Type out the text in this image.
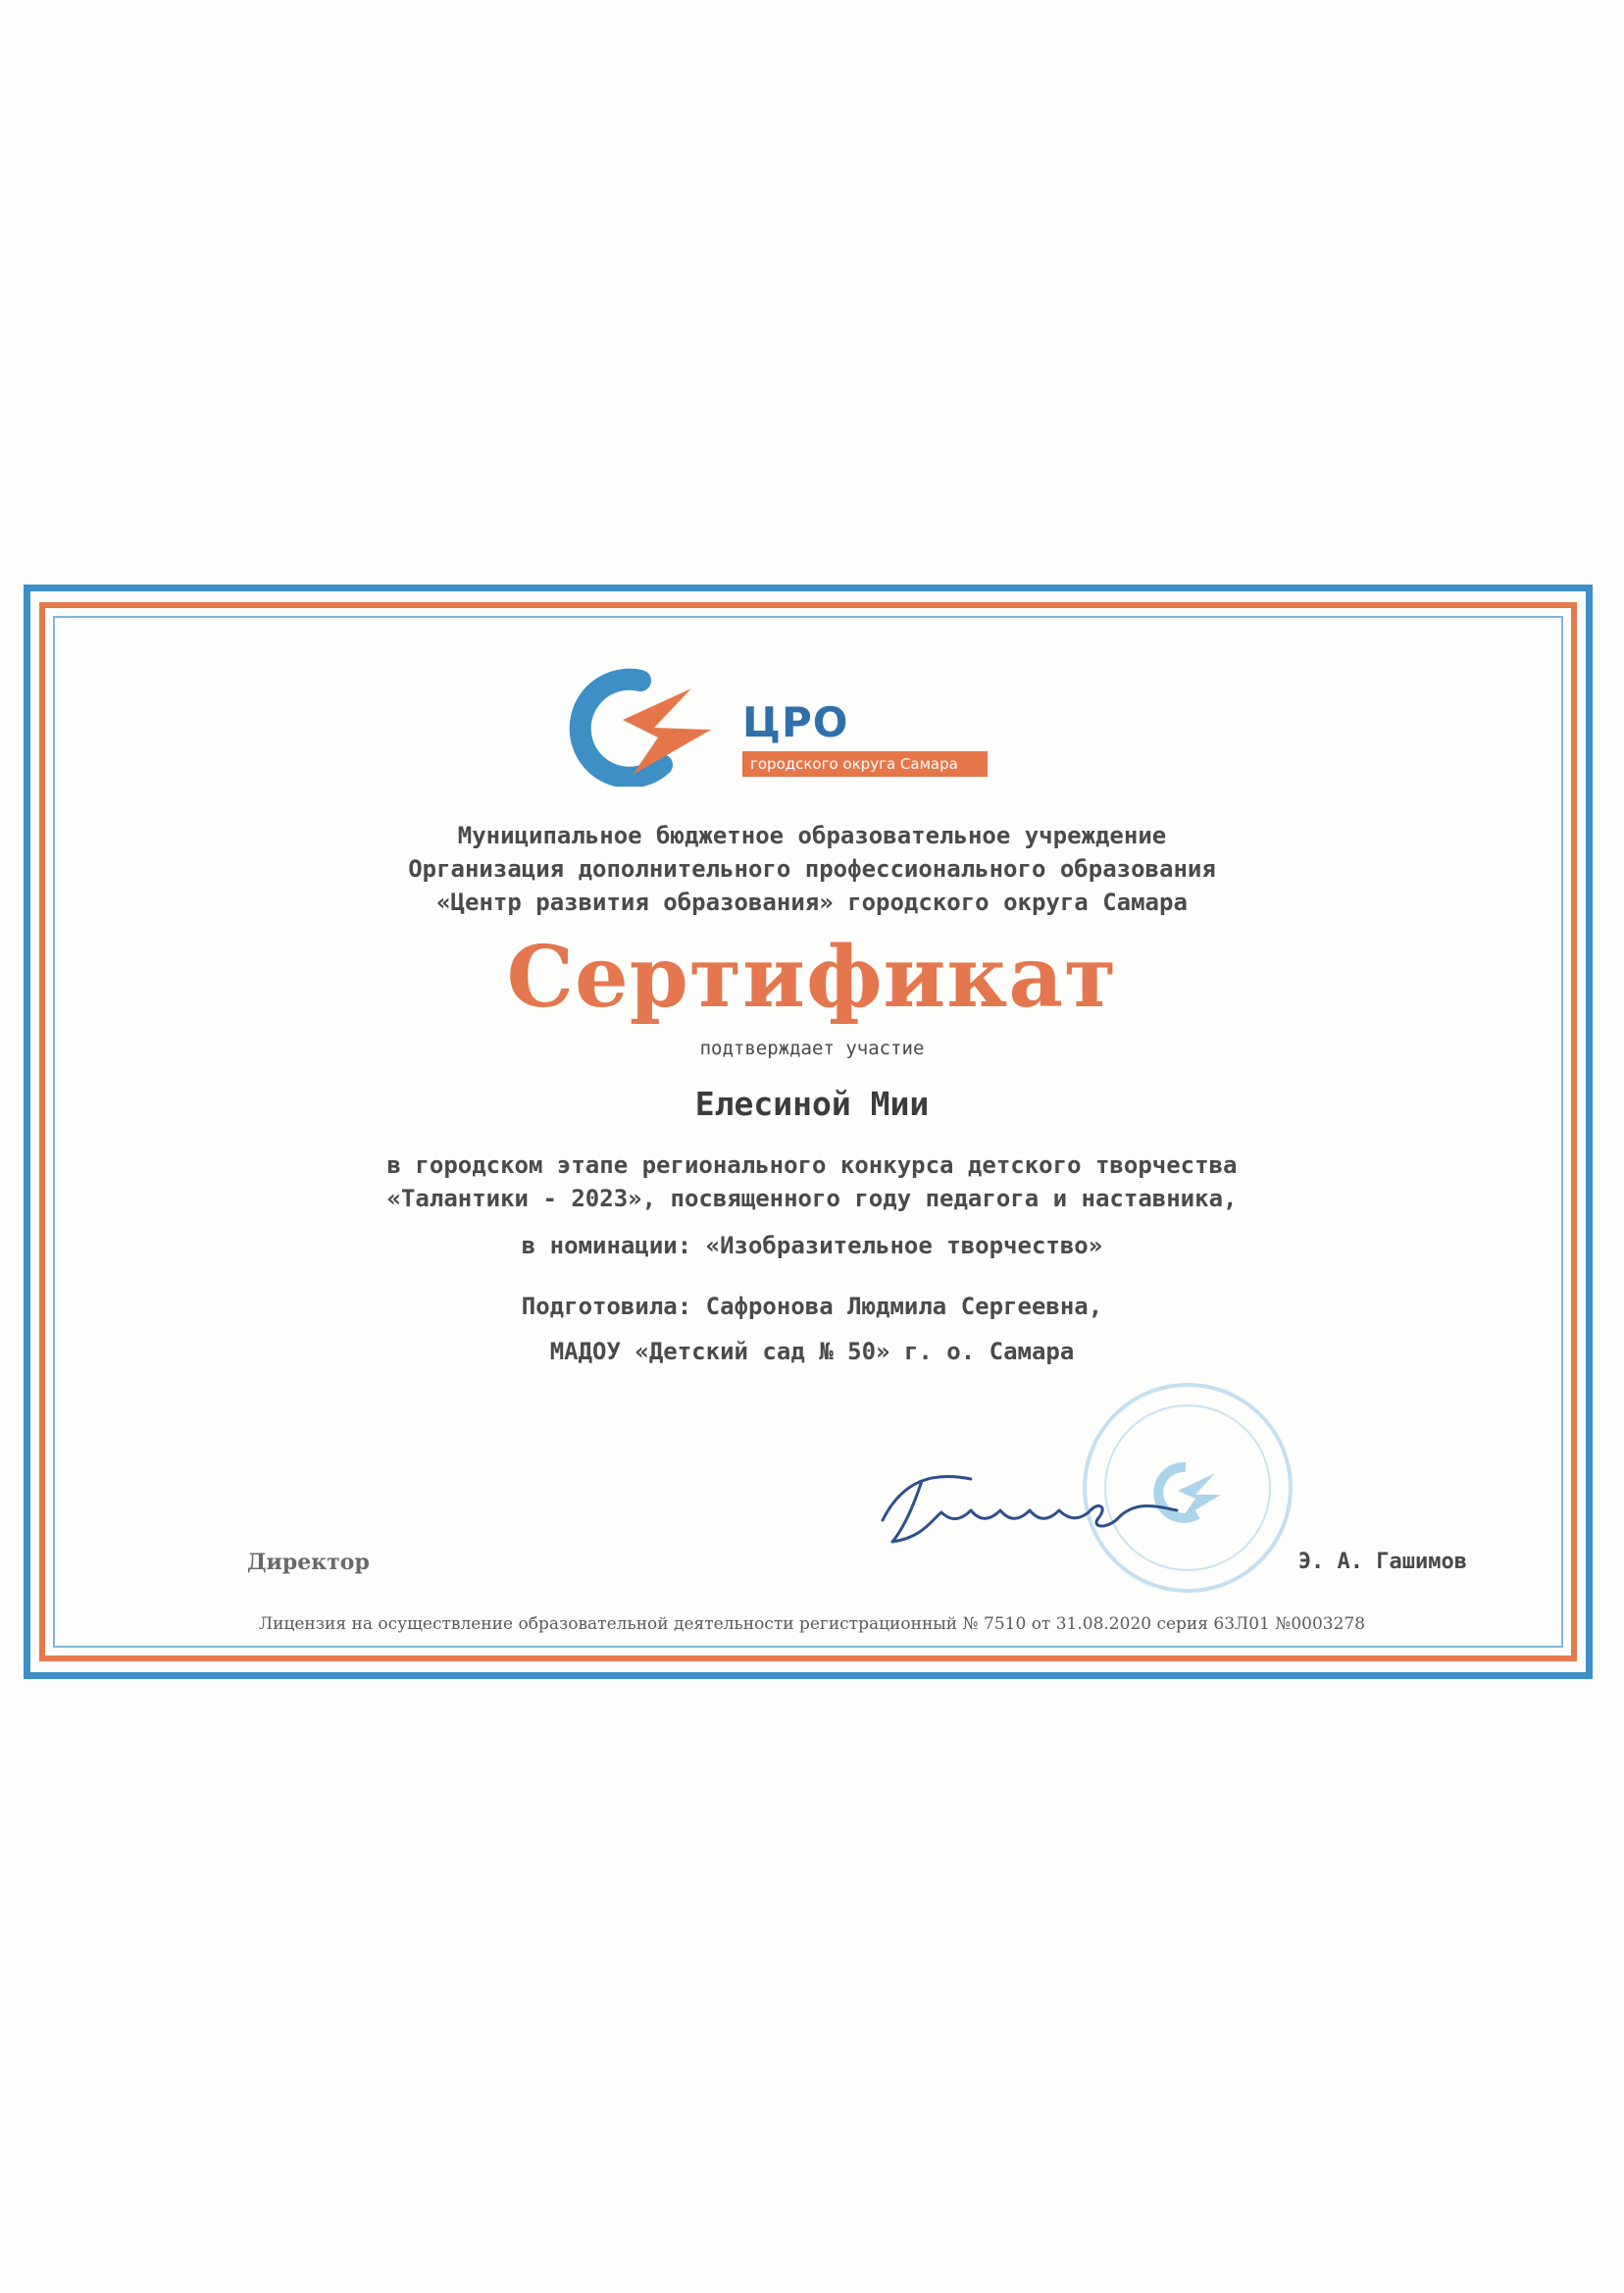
ЦРО
городского округа Самара
Муниципальное бюджетное образовательное учреждение
Организация дополнительного профессионального образования
«Центр развития образования» городского округа Самара
Сертификат
подтверждает участие
Елесиной Мии
в городском этапе регионального конкурса детского творчества
«Талантики - 2023», посвященного году педагога и наставника,
в номинации: «Изобразительное творчество»
Подготовила: Сафронова Людмила Сергеевна,
МАДОУ «Детский сад № 50» г. о. Самара
Директор	Э. А. Гашимов
Лицензия на осуществление образовательной деятельности регистрационный № 7510 от 31.08.2020 серия 63Л01 №0003278
